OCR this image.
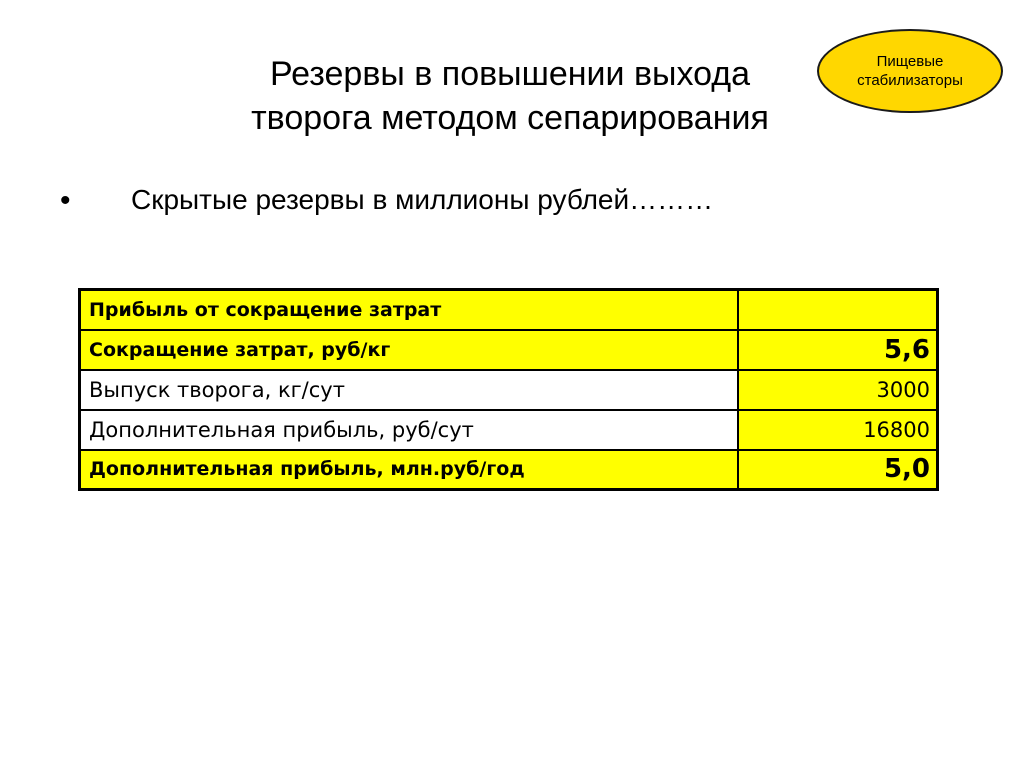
Пищевые
стабилизаторы
Резервы в повышении выхода
творога методом сепарирования
• Скрытые резервы в миллионы рублей………
Прибыль от сокращение затрат	
Сокращение затрат, руб/кг	5,6
Выпуск творога, кг/сут	3000
Дополнительная прибыль, руб/сут	16800
Дополнительная прибыль, млн.руб/год	5,0
